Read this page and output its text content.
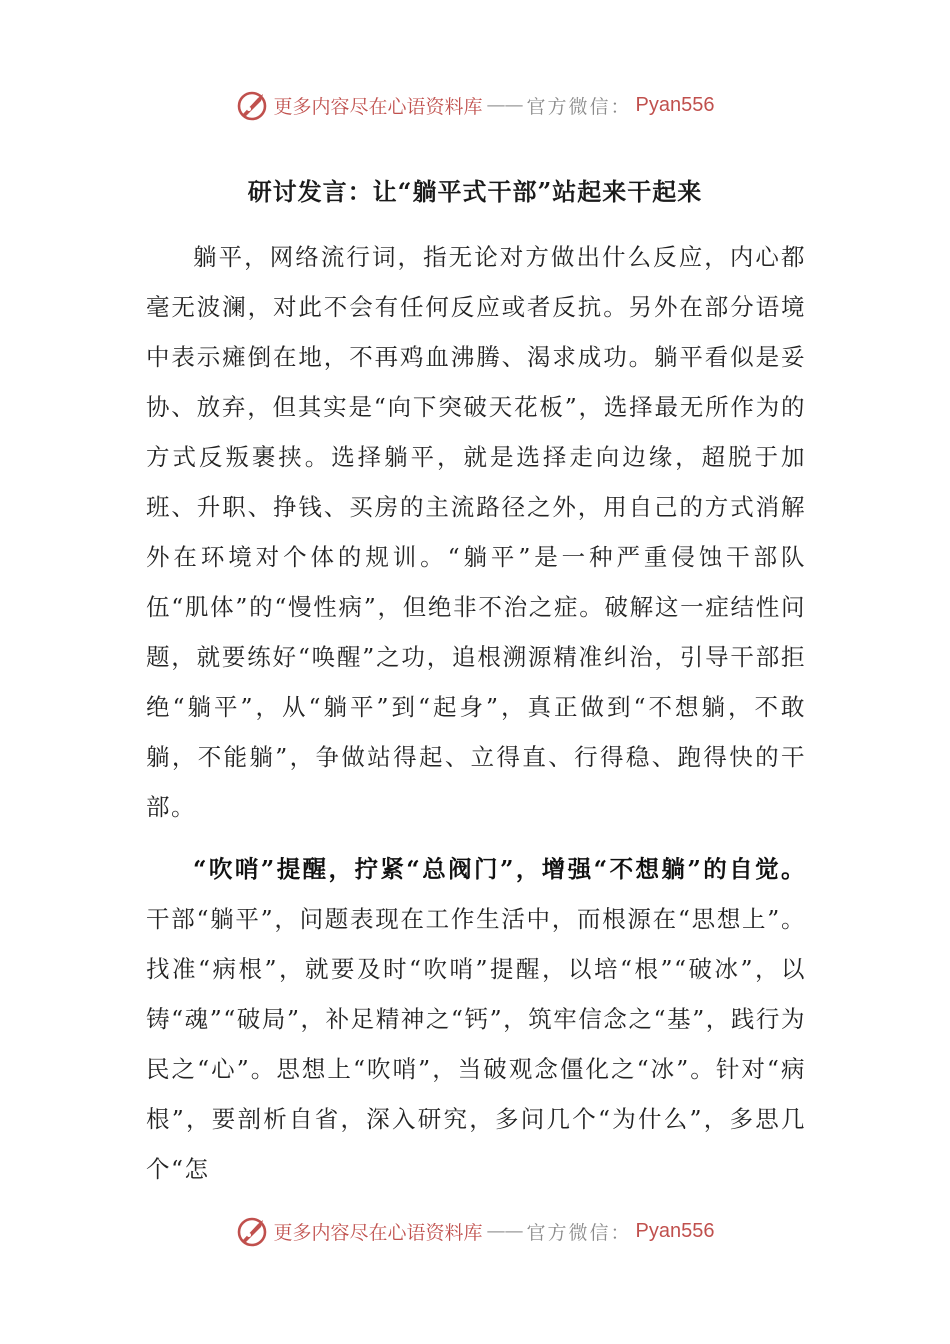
更多内容尽在心语资料库 —— 官方微信： Pyan556
研讨发言：让“躺平式干部”站起来干起来

躺平，网络流行词，指无论对方做出什么反应，内心都毫无波澜，对此不会有任何反应或者反抗。另外在部分语境中表示瘫倒在地，不再鸡血沸腾、渴求成功。躺平看似是妥协、放弃，但其实是“向下突破天花板”，选择最无所作为的方式反叛裹挟。选择躺平，就是选择走向边缘，超脱于加班、升职、挣钱、买房的主流路径之外，用自己的方式消解外在环境对个体的规训。“躺平”是一种严重侵蚀干部队伍“肌体”的“慢性病”，但绝非不治之症。破解这一症结性问题，就要练好“唤醒”之功，追根溯源精准纠治，引导干部拒绝“躺平”，从“躺平”到“起身”，真正做到“不想躺，不敢躺，不能躺”，争做站得起、立得直、行得稳、跑得快的干部。

“吹哨”提醒，拧紧“总阀门”，增强“不想躺”的自觉。干部“躺平”，问题表现在工作生活中，而根源在“思想上”。找准“病根”，就要及时“吹哨”提醒，以培“根”“破冰”，以铸“魂”“破局”，补足精神之“钙”，筑牢信念之“基”，践行为民之“心”。思想上“吹哨”，当破观念僵化之“冰”。针对“病根”，要剖析自省，深入研究，多问几个“为什么”，多思几个“怎

更多内容尽在心语资料库 —— 官方微信： Pyan556
